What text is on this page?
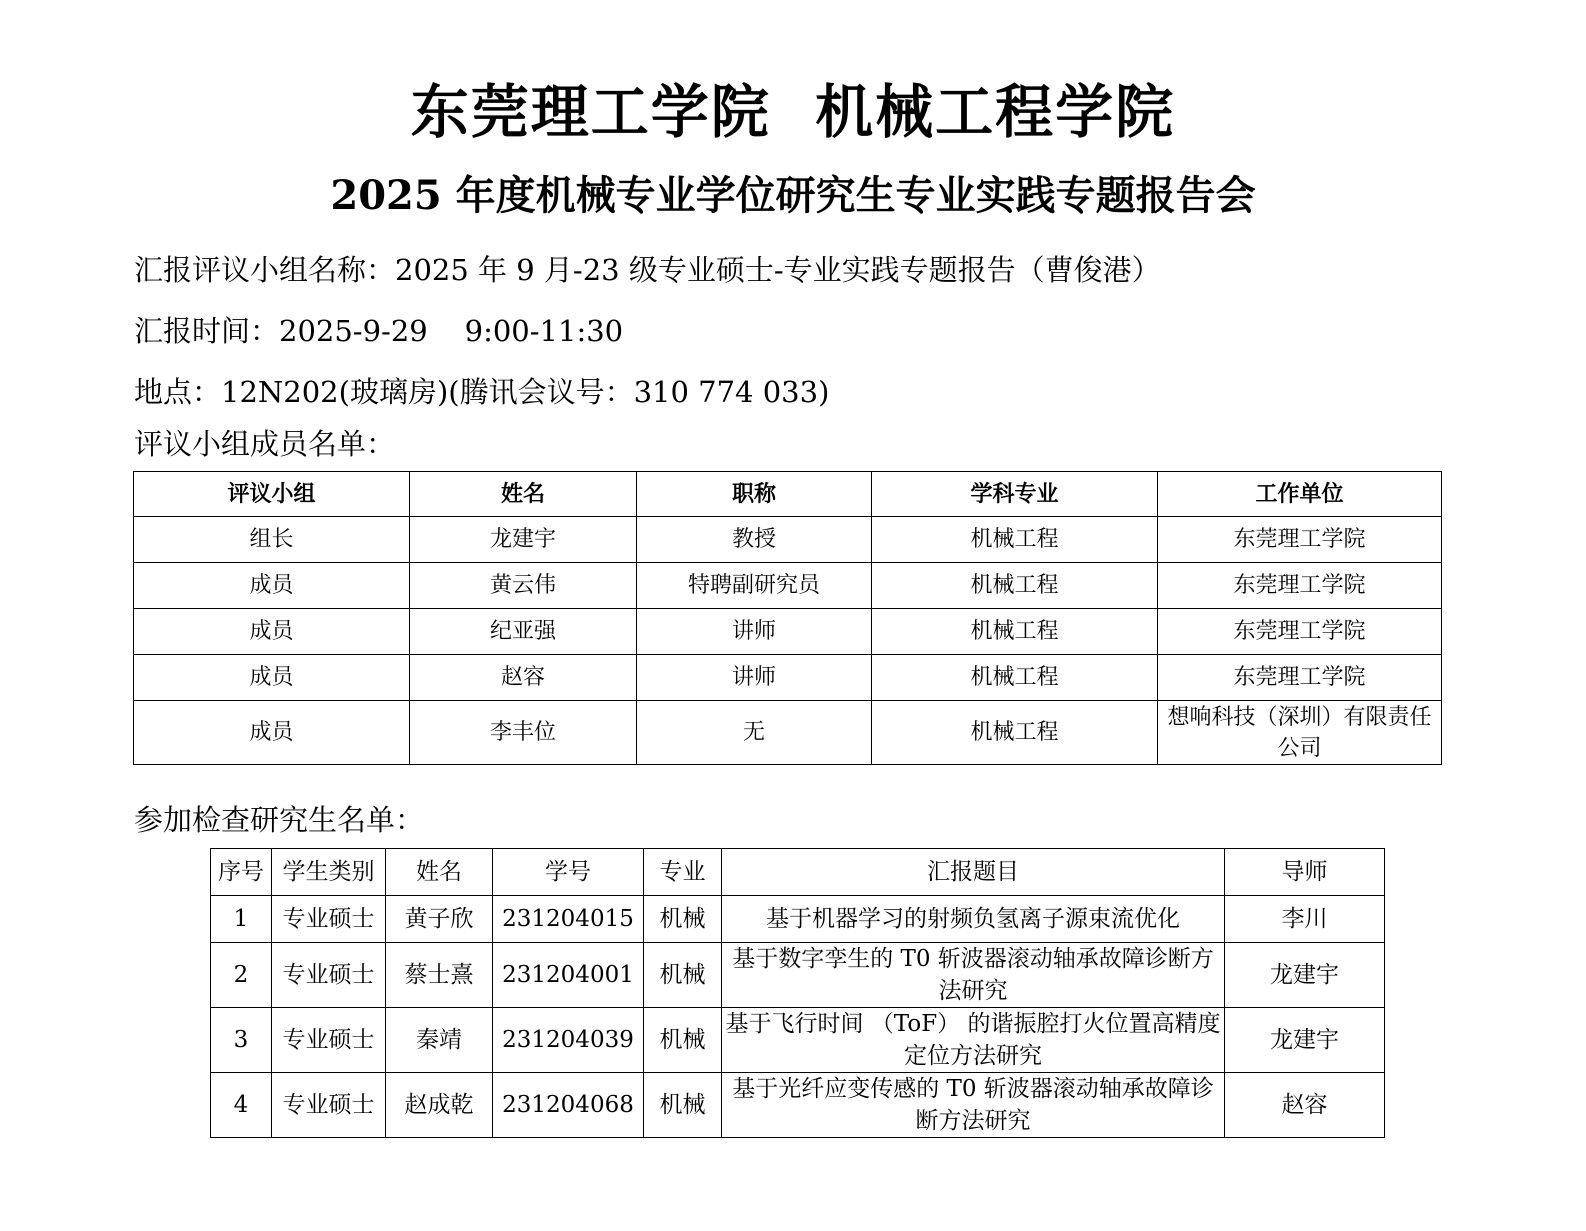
东莞理工学院  机械工程学院
2025 年度机械专业学位研究生专业实践专题报告会
汇报评议小组名称：2025 年 9 月-23 级专业硕士-专业实践专题报告（曹俊港）
汇报时间：2025-9-29    9:00-11:30
地点：12N202(玻璃房)(腾讯会议号：310 774 033)
评议小组成员名单：
评议小组	姓名	职称	学科专业	工作单位
组长	龙建宇	教授	机械工程	东莞理工学院
成员	黄云伟	特聘副研究员	机械工程	东莞理工学院
成员	纪亚强	讲师	机械工程	东莞理工学院
成员	赵容	讲师	机械工程	东莞理工学院
成员	李丰位	无	机械工程	想响科技（深圳）有限责任公司
参加检查研究生名单：
序号	学生类别	姓名	学号	专业	汇报题目	导师
1	专业硕士	黄子欣	231204015	机械	基于机器学习的射频负氢离子源束流优化	李川
2	专业硕士	蔡士熹	231204001	机械	基于数字孪生的 T0 斩波器滚动轴承故障诊断方法研究	龙建宇
3	专业硕士	秦靖	231204039	机械	基于飞行时间 （ToF） 的谐振腔打火位置高精度定位方法研究	龙建宇
4	专业硕士	赵成乾	231204068	机械	基于光纤应变传感的 T0 斩波器滚动轴承故障诊断方法研究	赵容
